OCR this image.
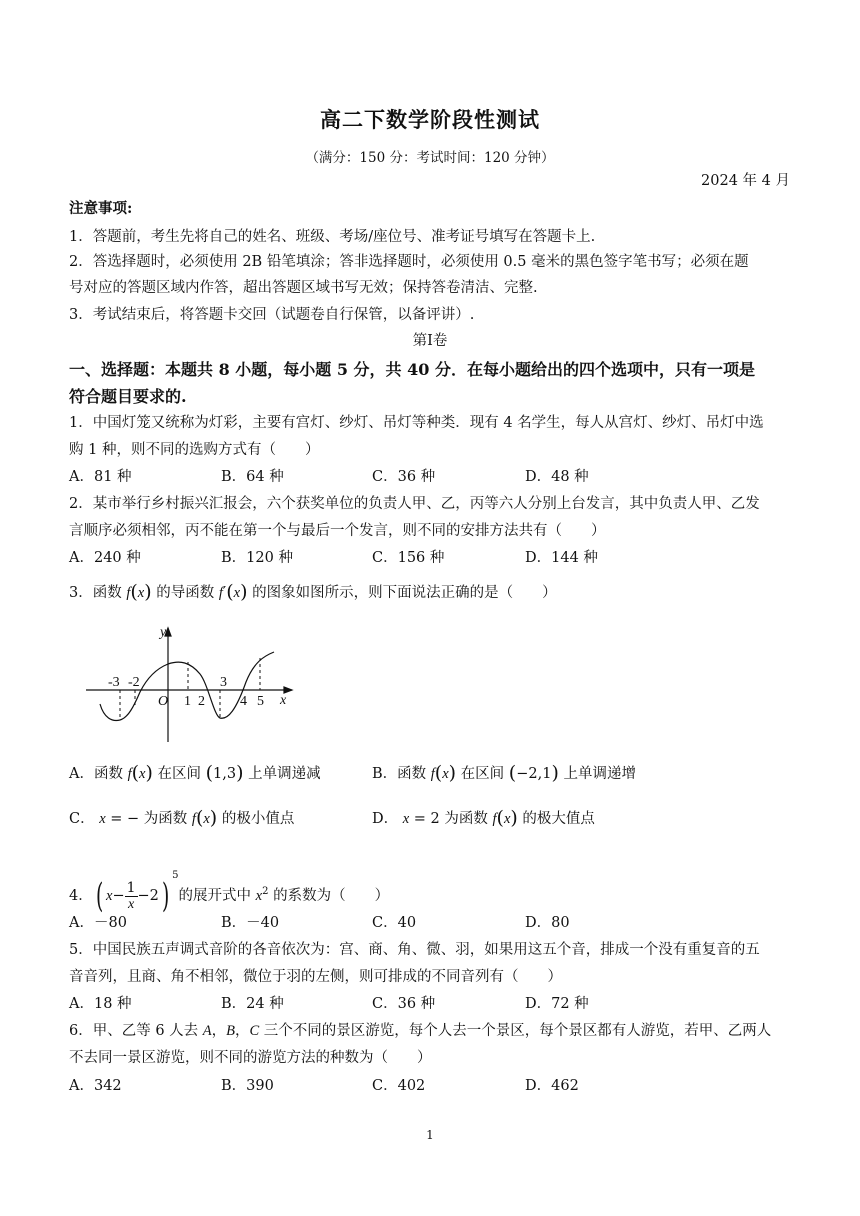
高二下数学阶段性测试
（满分：150 分：考试时间：120 分钟）
2024 年 4 月
注意事项:
1．答题前，考生先将自己的姓名、班级、考场/座位号、准考证号填写在答题卡上.
2．答选择题时，必须使用 2B 铅笔填涂；答非选择题时，必须使用 0.5 毫米的黑色签字笔书写；必须在题
号对应的答题区域内作答，超出答题区域书写无效；保持答卷清洁、完整.
3．考试结束后，将答题卡交回（试题卷自行保管，以备评讲）.
第Ⅰ卷
一、选择题：本题共 8 小题，每小题 5 分，共 40 分．在每小题给出的四个选项中，只有一项是
符合题目要求的.
1．中国灯笼又统称为灯彩，主要有宫灯、纱灯、吊灯等种类．现有 4 名学生，每人从宫灯、纱灯、吊灯中选
购 1 种，则不同的选购方式有（　　）
A．81 种	B．64 种	C．36 种	D．48 种
2．某市举行乡村振兴汇报会，六个获奖单位的负责人甲、乙，丙等六人分别上台发言，其中负责人甲、乙发
言顺序必须相邻，丙不能在第一个与最后一个发言，则不同的安排方法共有（　　）
A．240 种	B．120 种	C．156 种	D．144 种
3．函数 f(x) 的导函数 f′(x) 的图象如图所示，则下面说法正确的是（　　）
y
x
O
-3 -2
1 2
3
4 5
A．函数 f(x) 在区间 (1,3) 上单调递减	B．函数 f(x) 在区间 (−2,1) 上单调递增
C． x = − 为函数 f(x) 的极小值点	D． x = 2 为函数 f(x) 的极大值点
4．( $x- \frac{1}{x} -2)^5$的展开式中 $x^2$ 的系数为（　　）
A．－80	B．－40	C．40	D．80
5．中国民族五声调式音阶的各音依次为：宫、商、角、微、羽，如果用这五个音，排成一个没有重复音的五
音音列，且商、角不相邻，微位于羽的左侧，则可排成的不同音列有（　　）
A．18 种	B．24 种	C．36 种	D．72 种
6．甲、乙等 6 人去 A，B，C 三个不同的景区游览，每个人去一个景区，每个景区都有人游览，若甲、乙两人
不去同一景区游览，则不同的游览方法的种数为（　　）
A．342	B．390	C．402	D．462
1
